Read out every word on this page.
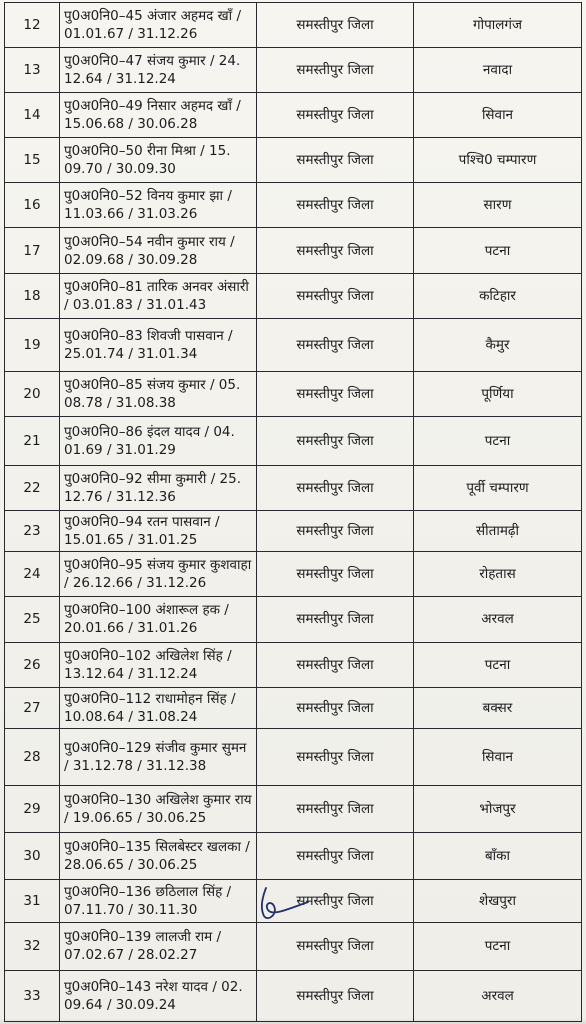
12	पु0अ0नि0–45 अंजार अहमद खाँ / 01.01.67 / 31.12.26	समस्तीपुर जिला	गोपालगंज
13	पु0अ0नि0–47 संजय कुमार / 24. 12.64 / 31.12.24	समस्तीपुर जिला	नवादा
14	पु0अ0नि0–49 निसार अहमद खाँ / 15.06.68 / 30.06.28	समस्तीपुर जिला	सिवान
15	पु0अ0नि0–50 रीना मिश्रा / 15. 09.70 / 30.09.30	समस्तीपुर जिला	पश्चि0 चम्पारण
16	पु0अ0नि0–52 विनय कुमार झा / 11.03.66 / 31.03.26	समस्तीपुर जिला	सारण
17	पु0अ0नि0–54 नवीन कुमार राय / 02.09.68 / 30.09.28	समस्तीपुर जिला	पटना
18	पु0अ0नि0–81 तारिक अनवर अंसारी / 03.01.83 / 31.01.43	समस्तीपुर जिला	कटिहार
19	पु0अ0नि0–83 शिवजी पासवान / 25.01.74 / 31.01.34	समस्तीपुर जिला	कैमुर
20	पु0अ0नि0–85 संजय कुमार / 05. 08.78 / 31.08.38	समस्तीपुर जिला	पूर्णिया
21	पु0अ0नि0–86 इंदल यादव / 04. 01.69 / 31.01.29	समस्तीपुर जिला	पटना
22	पु0अ0नि0–92 सीमा कुमारी / 25. 12.76 / 31.12.36	समस्तीपुर जिला	पूर्वी चम्पारण
23	पु0अ0नि0–94 रतन पासवान / 15.01.65 / 31.01.25	समस्तीपुर जिला	सीतामढ़ी
24	पु0अ0नि0–95 संजय कुमार कुशवाहा / 26.12.66 / 31.12.26	समस्तीपुर जिला	रोहतास
25	पु0अ0नि0–100 अंशारूल हक / 20.01.66 / 31.01.26	समस्तीपुर जिला	अरवल
26	पु0अ0नि0–102 अखिलेश सिंह / 13.12.64 / 31.12.24	समस्तीपुर जिला	पटना
27	पु0अ0नि0–112 राधामोहन सिंह / 10.08.64 / 31.08.24	समस्तीपुर जिला	बक्सर
28	पु0अ0नि0–129 संजीव कुमार सुमन / 31.12.78 / 31.12.38	समस्तीपुर जिला	सिवान
29	पु0अ0नि0–130 अखिलेश कुमार राय / 19.06.65 / 30.06.25	समस्तीपुर जिला	भोजपुर
30	पु0अ0नि0–135 सिलबेस्टर खलका / 28.06.65 / 30.06.25	समस्तीपुर जिला	बाँका
31	पु0अ0नि0–136 छठिलाल सिंह / 07.11.70 / 30.11.30	समस्तीपुर जिला	शेखपुरा
32	पु0अ0नि0–139 लालजी राम / 07.02.67 / 28.02.27	समस्तीपुर जिला	पटना
33	पु0अ0नि0–143 नरेश यादव / 02. 09.64 / 30.09.24	समस्तीपुर जिला	अरवल
